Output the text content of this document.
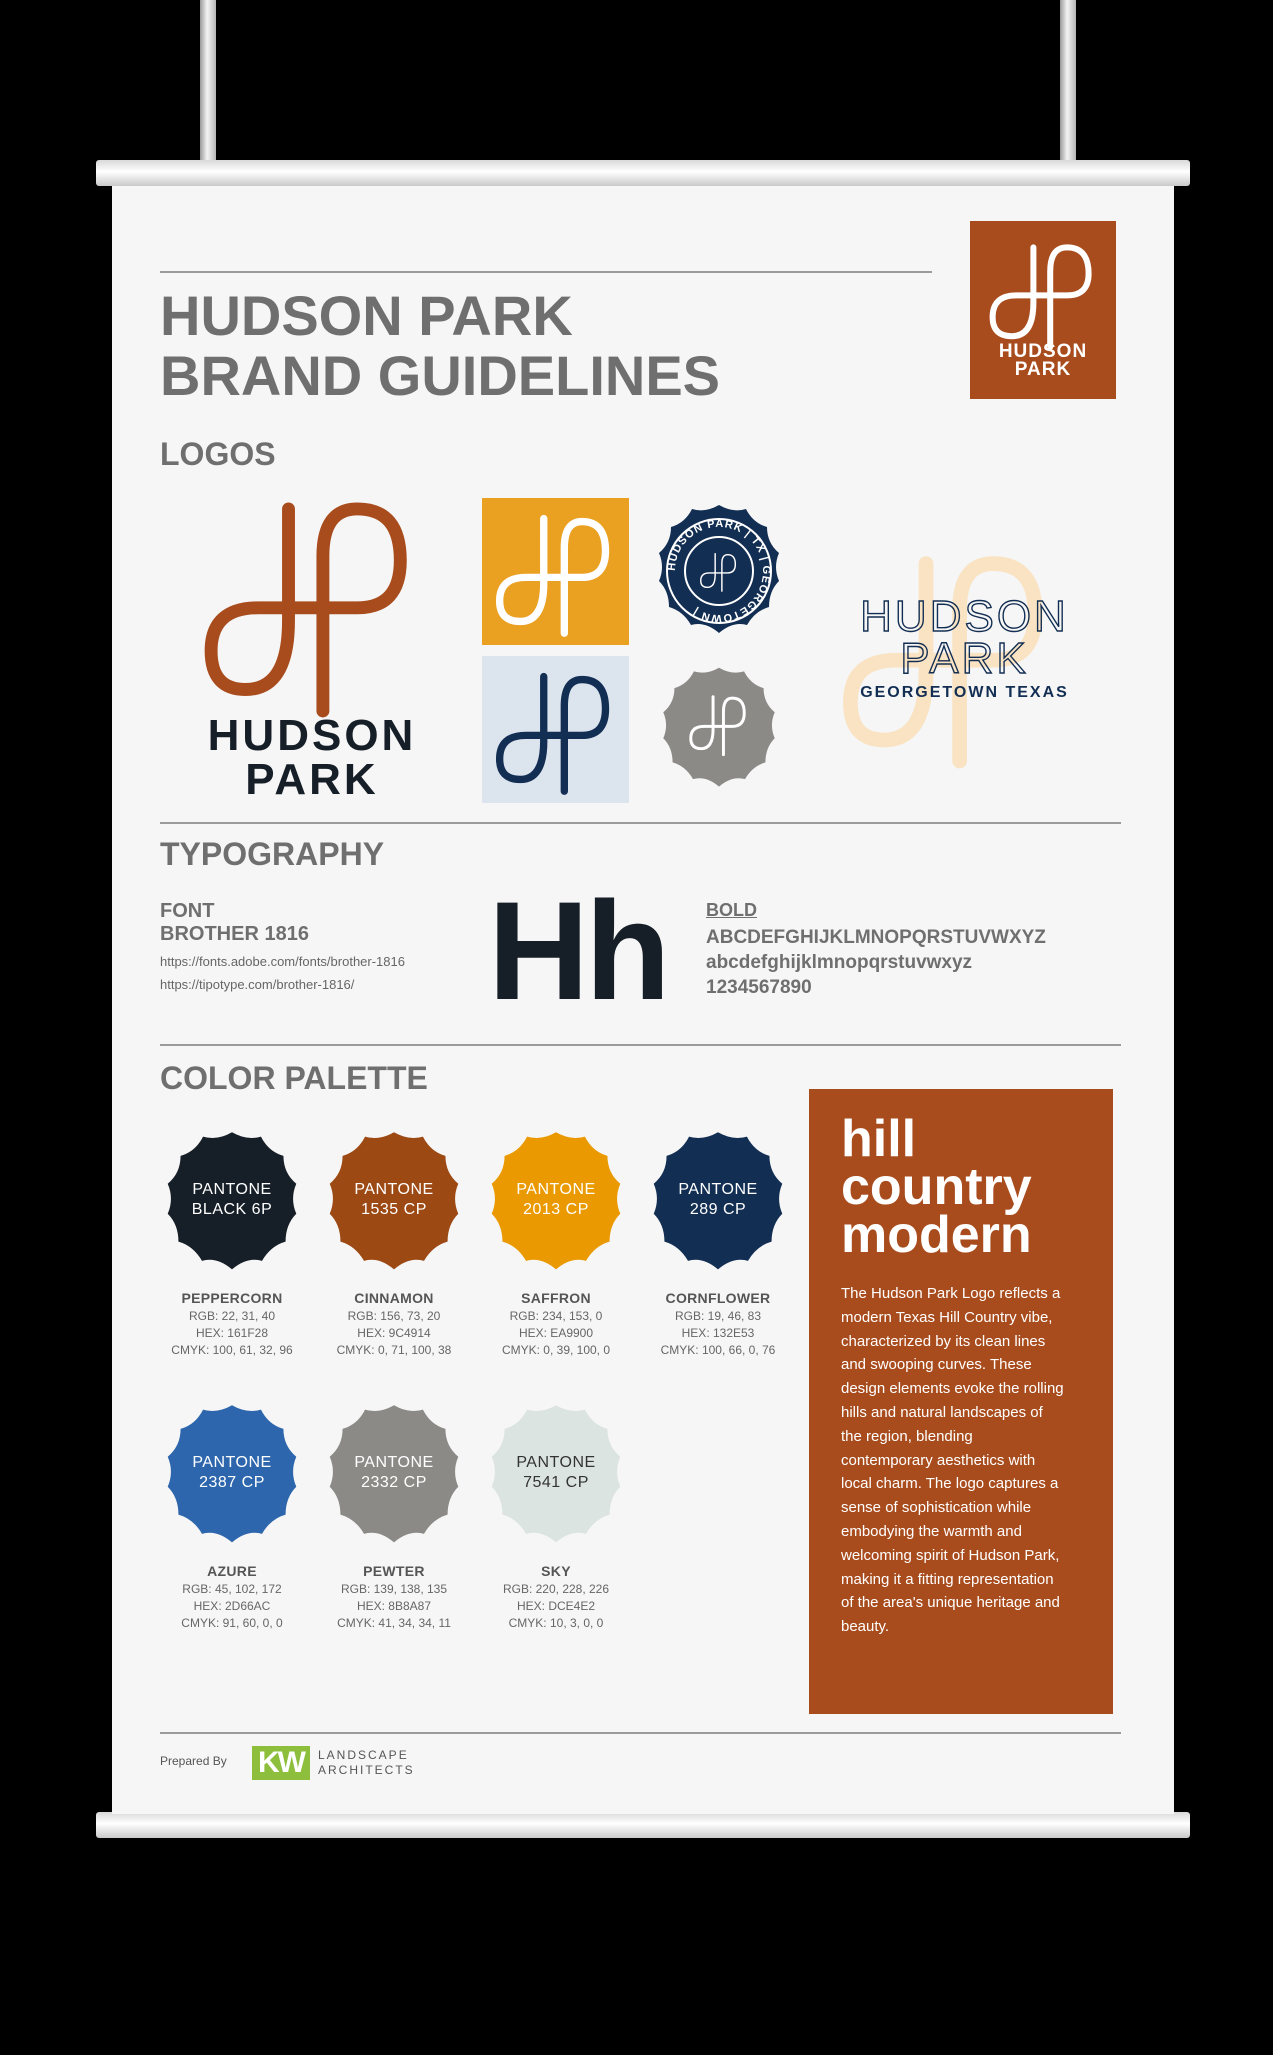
HUDSON PARK
BRAND GUIDELINES	HUDSON
PARK
LOGOS
HUDSON
PARK
HUDSON PARK | TX | GEORGETOWN |	HUDSON
PARK
GEORGETOWN TEXAS
TYPOGRAPHY
FONT
BROTHER 1816
https://fonts.adobe.com/fonts/brother-1816
https://tipotype.com/brother-1816/ Hh BOLD
ABCDEFGHIJKLMNOPQRSTUVWXYZ
abcdefghijklmnopqrstuvwxyz
1234567890
COLOR PALETTE
PANTONE
BLACK 6P
PEPPERCORN
RGB: 22, 31, 40
HEX: 161F28
CMYK: 100, 61, 32, 96
PANTONE
1535 CP
CINNAMON
RGB: 156, 73, 20
HEX: 9C4914
CMYK: 0, 71, 100, 38
PANTONE
2013 CP
SAFFRON
RGB: 234, 153, 0
HEX: EA9900
CMYK: 0, 39, 100, 0
PANTONE
289 CP
CORNFLOWER
RGB: 19, 46, 83
HEX: 132E53
CMYK: 100, 66, 0, 76
PANTONE
2387 CP
AZURE
RGB: 45, 102, 172
HEX: 2D66AC
CMYK: 91, 60, 0, 0
PANTONE
2332 CP
PEWTER
RGB: 139, 138, 135
HEX: 8B8A87
CMYK: 41, 34, 34, 11
PANTONE
7541 CP
SKY
RGB: 220, 228, 226
HEX: DCE4E2
CMYK: 10, 3, 0, 0
hill
country
modern
The Hudson Park Logo reflects a modern Texas Hill Country vibe, characterized by its clean lines and swooping curves. These design elements evoke the rolling hills and natural landscapes of the region, blending contemporary aesthetics with local charm. The logo captures a sense of sophistication while embodying the warmth and welcoming spirit of Hudson Park, making it a fitting representation of the area's unique heritage and beauty.
Prepared By KW	LANDSCAPE
ARCHITECTS
